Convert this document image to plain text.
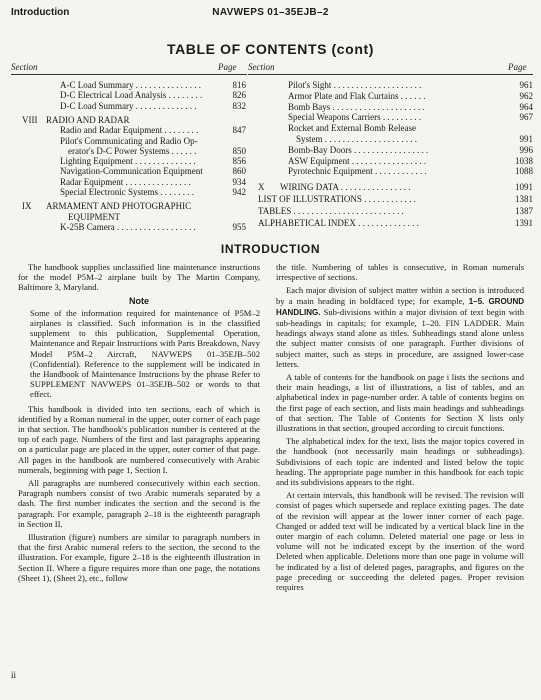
Introduction	NAVWEPS 01–35EJB–2
TABLE OF CONTENTS (cont)
Section	Page Section	Page
A-C Load Summary . . . . . . . . . . . . . . .	816
D-C Electrical Load Analysis . . . . . . . .	826
D-C Load Summary . . . . . . . . . . . . . .	832
VIII RADIO AND RADAR
Radio and Radar Equipment . . . . . . . .	847
Pilot's Communicating and Radio Op-
erator's D-C Power Systems . . . . . .	850
Lighting Equipment . . . . . . . . . . . . . .	856
Navigation-Communication Equipment	860
Radar Equipment . . . . . . . . . . . . . . .	934
Special Electronic Systems . . . . . . . .	942
IX ARMAMENT AND PHOTOGRAPHIC
EQUIPMENT
K-25B Camera . . . . . . . . . . . . . . . . . .	955
Pilot's Sight . . . . . . . . . . . . . . . . . . . .	961
Armor Plate and Flak Curtains . . . . . .	962
Bomb Bays . . . . . . . . . . . . . . . . . . . . .	964
Special Weapons Carriers . . . . . . . . .	967
Rocket and External Bomb Release
System . . . . . . . . . . . . . . . . . . . . .	991
Bomb-Bay Doors . . . . . . . . . . . . . . . . .	996
ASW Equipment . . . . . . . . . . . . . . . . .	1038
Pyrotechnic Equipment . . . . . . . . . . . .	1088
X WIRING DATA . . . . . . . . . . . . . . . .	1091
LIST OF ILLUSTRATIONS . . . . . . . . . . . .	1381
TABLES . . . . . . . . . . . . . . . . . . . . . . . . .	1387
ALPHABETICAL INDEX . . . . . . . . . . . . . .	1391
INTRODUCTION

The handbook supplies unclassified line maintenance instructions for the model P5M–2 airplane built by The Martin Company, Baltimore 3, Maryland.

Note
Some of the information required for maintenance of P5M–2 airplanes is classified. Such information is in the classified supplement to this publication, Supplemental Operation, Maintenance and Repair Instructions with Parts Breakdown, Navy Model P5M–2 Aircraft, NAVWEPS 01–35EJB–502 (Confidential). Reference to the supplement will be indicated in the Handbook of Maintenance Instructions by the phrase Refer to SUPPLEMENT NAVWEPS 01–35EJB–502 or words to that effect.

This handbook is divided into ten sections, each of which is identified by a Roman numeral in the upper, outer corner of each page in that section. The handbook's publication number is centered at the top of each page. Numbers of the first and last paragraphs appearing on a particular page are placed in the upper, outer corner of that page. All pages in the handbook are numbered consecutively with Arabic numerals, beginning with page 1, Section I.

All paragraphs are numbered consecutively within each section. Paragraph numbers consist of two Arabic numerals separated by a dash. The first number indicates the section and the second is the paragraph. For example, paragraph 2–18 is the eighteenth paragraph in Section II.

Illustration (figure) numbers are similar to paragraph numbers in that the first Arabic numeral refers to the section, the second to the illustration. For example, figure 2–18 is the eighteenth illustration in Section II. Where a figure requires more than one page, the notations (Sheet 1), (Sheet 2), etc., follow

the title. Numbering of tables is consecutive, in Roman numerals irrespective of sections.

Each major division of subject matter within a section is introduced by a main heading in boldfaced type; for example, 1–5. GROUND HANDLING. Sub-divisions within a major division of text begin with sub-headings in capitals; for example, 1–20. FIN LADDER. Main headings always stand alone as titles. Subheadings stand alone unless the subject matter consists of one paragraph. Further divisions of subject matter, such as steps in procedure, are assigned lower-case letters.

A table of contents for the handbook on page i lists the sections and their main headings, a list of illustrations, a list of tables, and an alphabetical index in page-number order. A table of contents begins on the first page of each section, and lists main headings and subheadings of that section. The Table of Contents for Section X lists only illustrations in that section, grouped according to circuit functions.

The alphabetical index for the text, lists the major topics covered in the handbook (not necessarily main headings or subheadings). Subdivisions of each topic are indented and listed below the topic heading. The appropriate page number in this handbook for each topic and its subdivisions appears to the right.

At certain intervals, this handbook will be revised. The revision will consist of pages which supersede and replace existing pages. The date of the revision will appear at the lower inner corner of each page. Changed or added text will be indicated by a vertical black line in the outer margin of each column. Deleted material one page or less in volume will not be indicated except by the insertion of the word Deleted when applicable. Deletions more than one page in volume will be indicated by a list of deleted pages, paragraphs, and figures on the page preceding or succeeding the deleted pages. Proper revision requires

ii
